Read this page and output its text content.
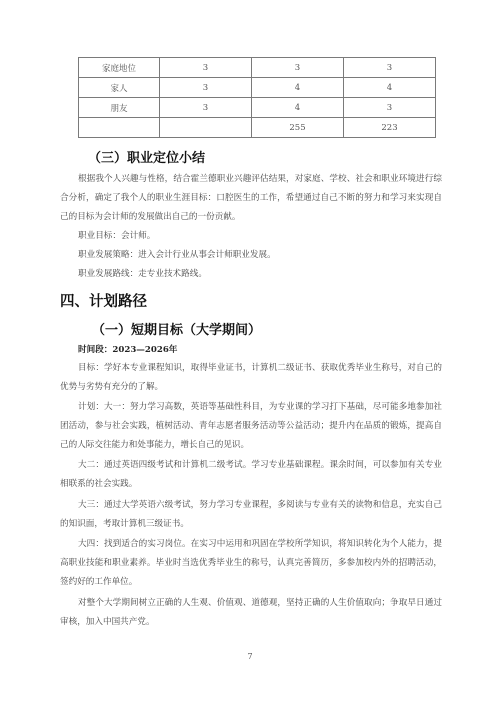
家庭地位	3	3	3
家人	3	4	4
朋友	3	4	3
		255	223
（三）职业定位小结
根据我个人兴趣与性格，结合霍兰德职业兴趣评估结果，对家庭、学校、社会和职业环境进行综合分析，确定了我个人的职业生涯目标：口腔医生的工作，希望通过自己不断的努力和学习来实现自己的目标为会计师的发展做出自己的一份贡献。
职业目标：会计师。
职业发展策略：进入会计行业从事会计师职业发展。
职业发展路线：走专业技术路线。
四、计划路径
（一）短期目标（大学期间）
时间段：2023—2026年
目标：学好本专业课程知识，取得毕业证书，计算机二级证书、获取优秀毕业生称号，对自己的优势与劣势有充分的了解。
计划：大一：努力学习高数，英语等基础性科目，为专业课的学习打下基础，尽可能多地参加社团活动，参与社会实践，植树活动、青年志愿者服务活动等公益活动；提升内在品质的锻炼，提高自己的人际交往能力和处事能力，增长自己的见识。
大二：通过英语四级考试和计算机二级考试。学习专业基础课程。课余时间，可以参加有关专业相联系的社会实践。
大三：通过大学英语六级考试，努力学习专业课程，多阅读与专业有关的读物和信息，充实自己的知识面，考取计算机三级证书。
大四：找到适合的实习岗位。在实习中运用和巩固在学校所学知识，将知识转化为个人能力，提高职业技能和职业素养。毕业时当选优秀毕业生的称号，认真完善简历，多参加校内外的招聘活动，签约好的工作单位。
对整个大学期间树立正确的人生观、价值观、道德观，坚持正确的人生价值取向；争取早日通过审核，加入中国共产党。
7
